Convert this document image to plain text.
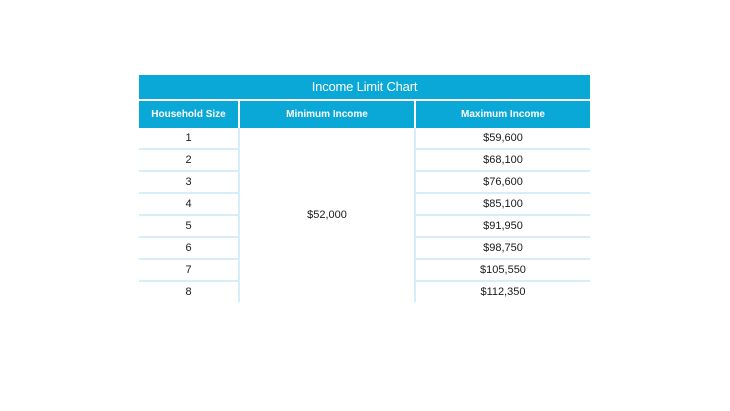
Income Limit Chart
Household Size	Minimum Income	Maximum Income
1	$52,000	$59,600
2		$68,100
3		$76,600
4		$85,100
5		$91,950
6		$98,750
7		$105,550
8		$112,350
